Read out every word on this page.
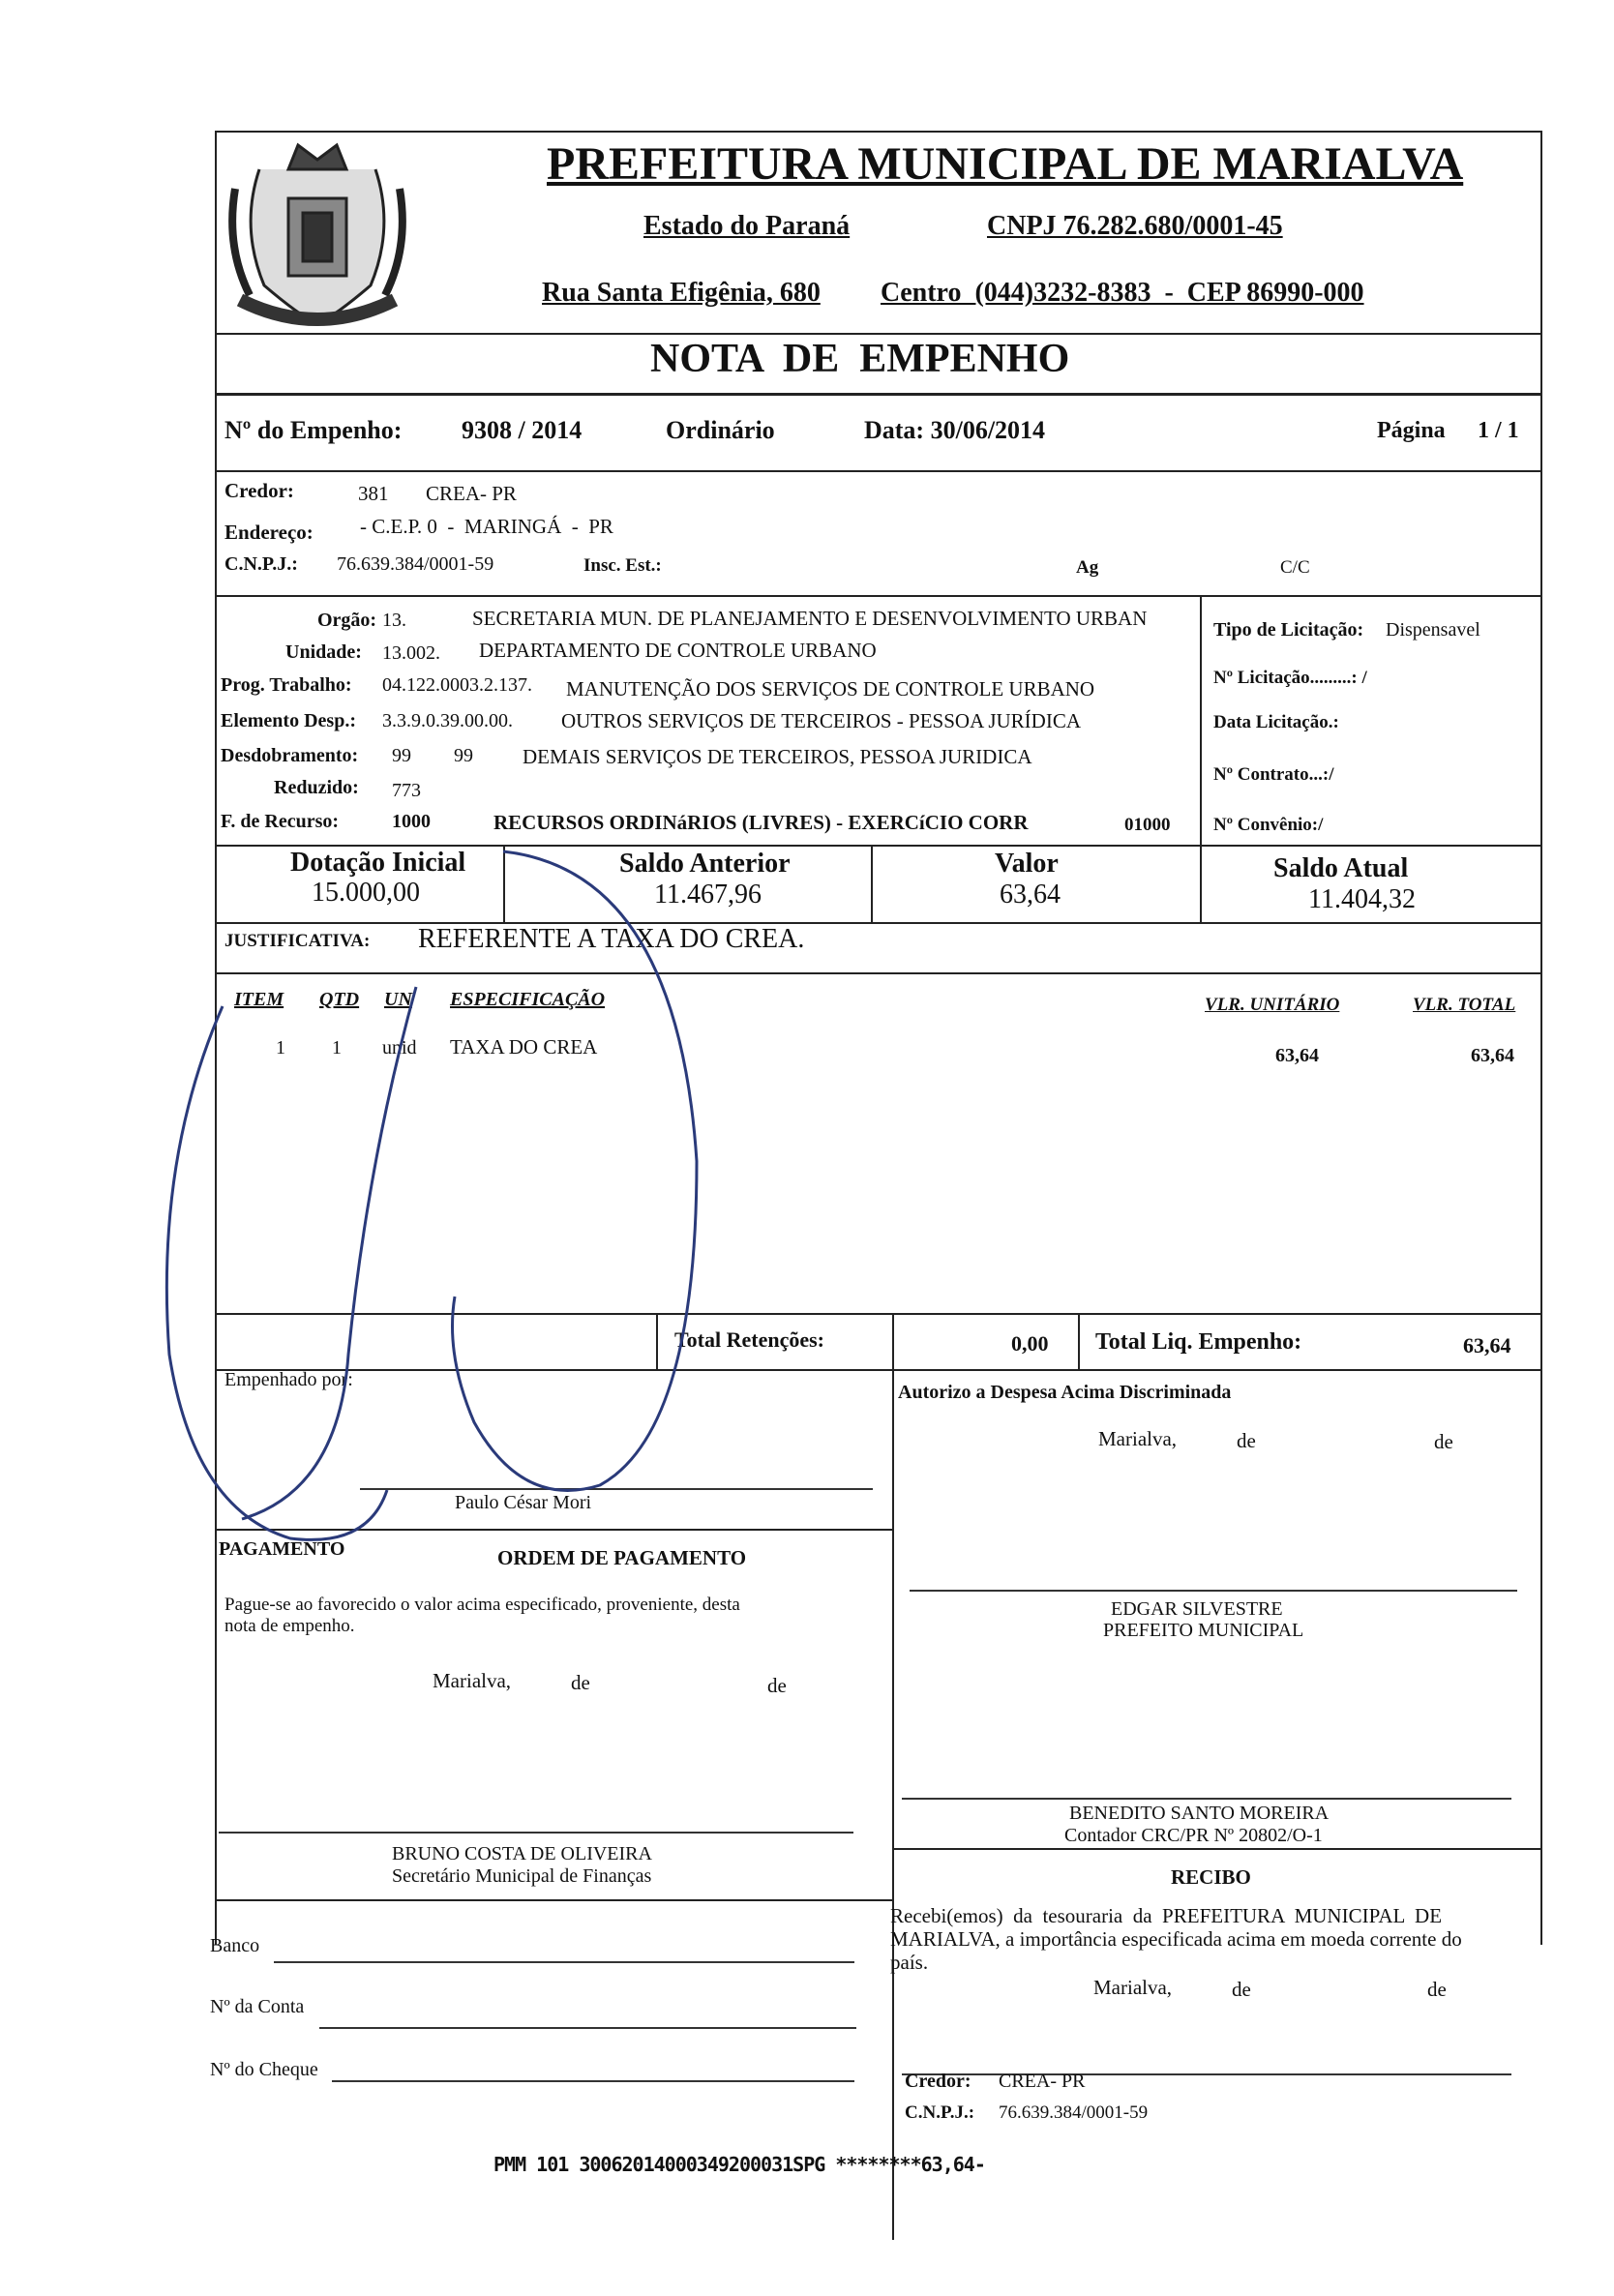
PREFEITURA MUNICIPAL DE MARIALVA
Estado do Paraná	CNPJ 76.282.680/0001-45
Rua Santa Efigênia, 680 Centro  (044)3232-8383  -  CEP 86990-000
NOTA  DE  EMPENHO
Nº do Empenho: 9308 / 2014	Ordinário	Data: 30/06/2014	Página 1 / 1
Credor:	381 CREA- PR
Endereço: - C.E.P. 0  -  MARINGÁ  -  PR
C.N.P.J.: 76.639.384/0001-59	Insc. Est.:	Ag	C/C
Orgão: 13.	SECRETARIA MUN. DE PLANEJAMENTO E DESENVOLVIMENTO URBAN
Unidade: 13.002. DEPARTAMENTO DE CONTROLE URBANO
Prog. Trabalho: 04.122.0003.2.137. MANUTENÇÃO DOS SERVIÇOS DE CONTROLE URBANO
Elemento Desp.: 3.3.9.0.39.00.00. OUTROS SERVIÇOS DE TERCEIROS - PESSOA JURÍDICA
Desdobramento: 99 99 DEMAIS SERVIÇOS DE TERCEIROS, PESSOA JURIDICA
Reduzido: 773
F. de Recurso:	1000	RECURSOS ORDINáRIOS (LIVRES) - EXERCíCIO CORR	01000
Tipo de Licitação: Dispensavel
Nº Licitação.........: /
Data Licitação.:
Nº Contrato...:/
Nº Convênio:/
Dotação Inicial
15.000,00
Saldo Anterior
11.467,96
Valor
63,64
Saldo Atual
11.404,32
JUSTIFICATIVA: REFERENTE A TAXA DO CREA.
ITEM QTD UN ESPECIFICAÇÃO	VLR. UNITÁRIO	VLR. TOTAL
1 1 unid TAXA DO CREA	63,64	63,64
Total Retenções:	0,00 Total Liq. Empenho:	63,64
Empenhado por:
Autorizo a Despesa Acima Discriminada
Marialva,	de	de
Paulo César Mori
PAGAMENTO	ORDEM DE PAGAMENTO
Pague-se ao favorecido o valor acima especificado, proveniente, desta
nota de empenho.
Marialva,	de	de
EDGAR SILVESTRE
PREFEITO MUNICIPAL
BENEDITO SANTO MOREIRA
Contador CRC/PR Nº 20802/O-1
BRUNO COSTA DE OLIVEIRA
Secretário Municipal de Finanças	RECIBO
Recebi(emos)  da  tesouraria  da  PREFEITURA  MUNICIPAL  DE
MARIALVA, a importância especificada acima em moeda corrente do
país.
Marialva,	de	de
Banco
Nº da Conta
Nº do Cheque
Credor: CREA- PR
C.N.P.J.: 76.639.384/0001-59
PMM 101 30062014000349200031SPG ********63,64-
